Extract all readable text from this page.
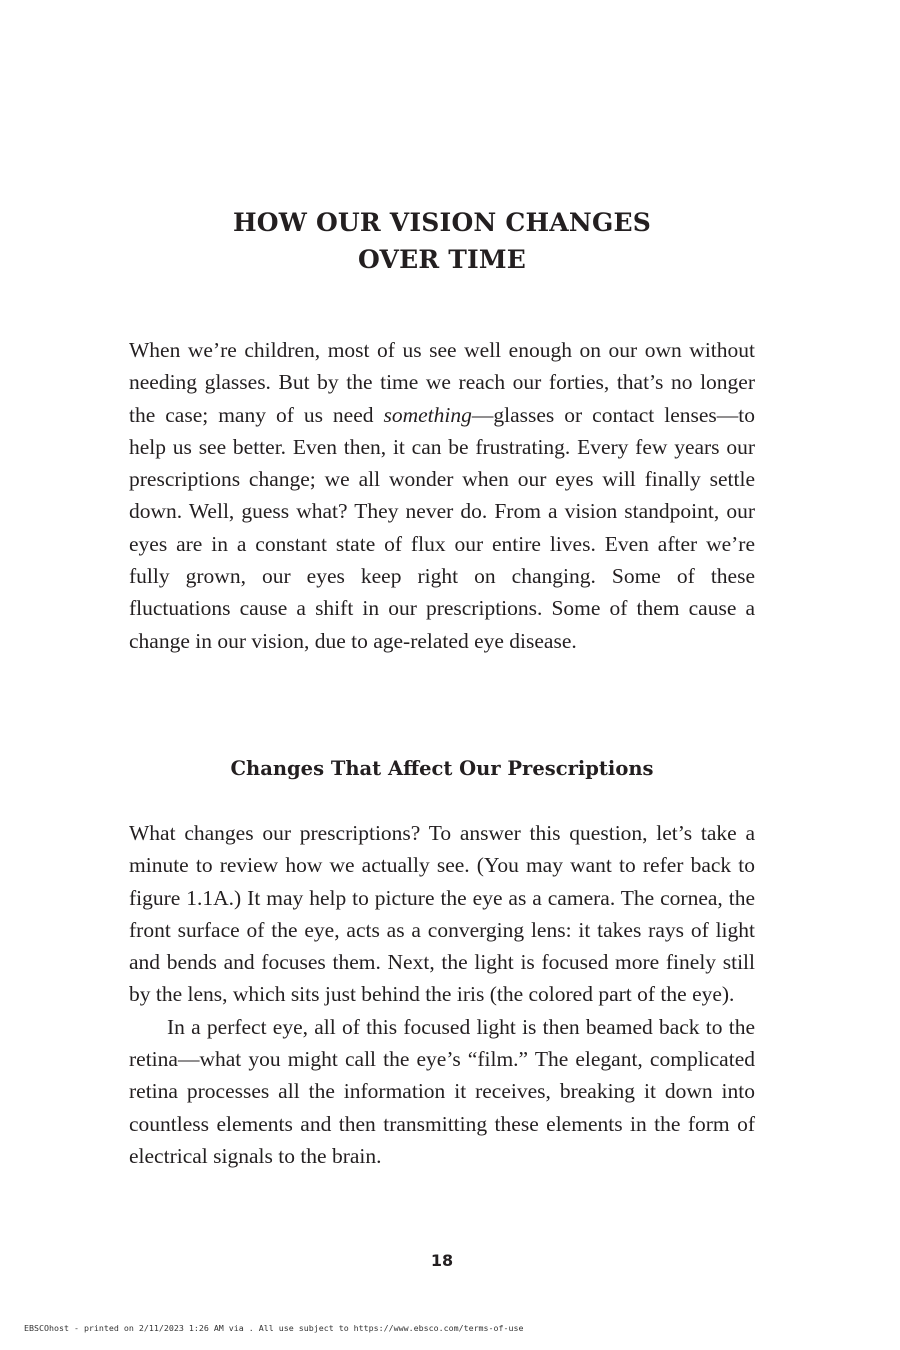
HOW OUR VISION CHANGES
OVER TIME

When we’re children, most of us see well enough on our own without needing glasses. But by the time we reach our forties, that’s no longer the case; many of us need something—glasses or contact lenses—to help us see better. Even then, it can be frustrating. Every few years our prescriptions change; we all wonder when our eyes will finally settle down. Well, guess what? They never do. From a vision standpoint, our eyes are in a constant state of flux our entire lives. Even after we’re fully grown, our eyes keep right on changing. Some of these fluctuations cause a shift in our prescriptions. Some of them cause a change in our vision, due to age-related eye disease.

Changes That Affect Our Prescriptions

What changes our prescriptions? To answer this question, let’s take a minute to review how we actually see. (You may want to refer back to figure 1.1A.) It may help to picture the eye as a camera. The cornea, the front surface of the eye, acts as a converging lens: it takes rays of light and bends and focuses them. Next, the light is focused more finely still by the lens, which sits just behind the iris (the colored part of the eye).

In a perfect eye, all of this focused light is then beamed back to the retina—what you might call the eye’s “film.” The elegant, complicated retina processes all the information it receives, breaking it down into countless elements and then transmitting these elements in the form of electrical signals to the brain.

18
EBSCOhost - printed on 2/11/2023 1:26 AM via . All use subject to https://www.ebsco.com/terms-of-use
